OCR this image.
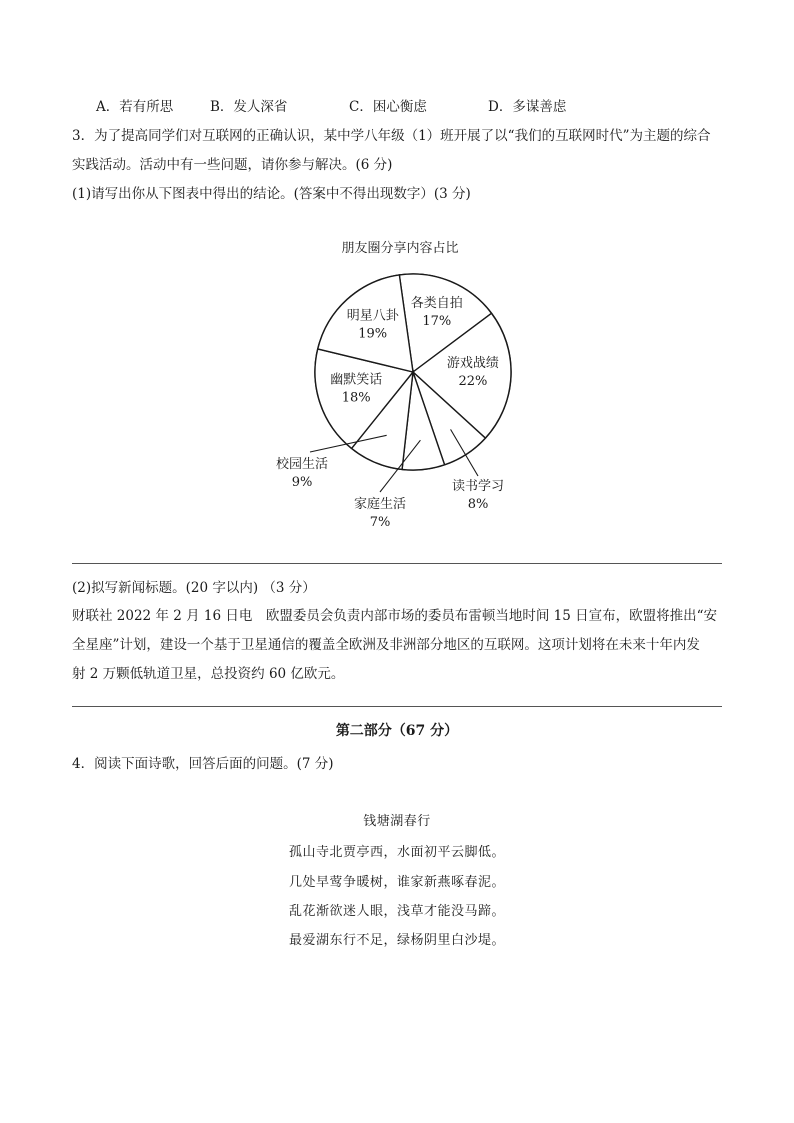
A．若有所思	B．发人深省	C．困心衡虑	D．多谋善虑
3．为了提高同学们对互联网的正确认识，某中学八年级（1）班开展了以“我们的互联网时代”为主题的综合
实践活动。活动中有一些问题，请你参与解决。(6 分)
(1)请写出你从下图表中得出的结论。(答案中不得出现数字）(3 分)
朋友圈分享内容占比
各类自拍
17%
游戏战绩
22%
读书学习
8%
家庭生活
7%
校园生活
9%
幽默笑话
18%
明星八卦
19%
(2)拟写新闻标题。(20 字以内) （3 分）
财联社 2022 年 2 月 16 日电　欧盟委员会负责内部市场的委员布雷顿当地时间 15 日宣布，欧盟将推出“安
全星座”计划，建设一个基于卫星通信的覆盖全欧洲及非洲部分地区的互联网。这项计划将在未来十年内发
射 2 万颗低轨道卫星，总投资约 60 亿欧元。
第二部分（67 分）
4．阅读下面诗歌，回答后面的问题。(7 分)
钱塘湖春行
孤山寺北贾亭西，水面初平云脚低。
几处早莺争暖树，谁家新燕啄春泥。
乱花渐欲迷人眼，浅草才能没马蹄。
最爱湖东行不足，绿杨阴里白沙堤。
